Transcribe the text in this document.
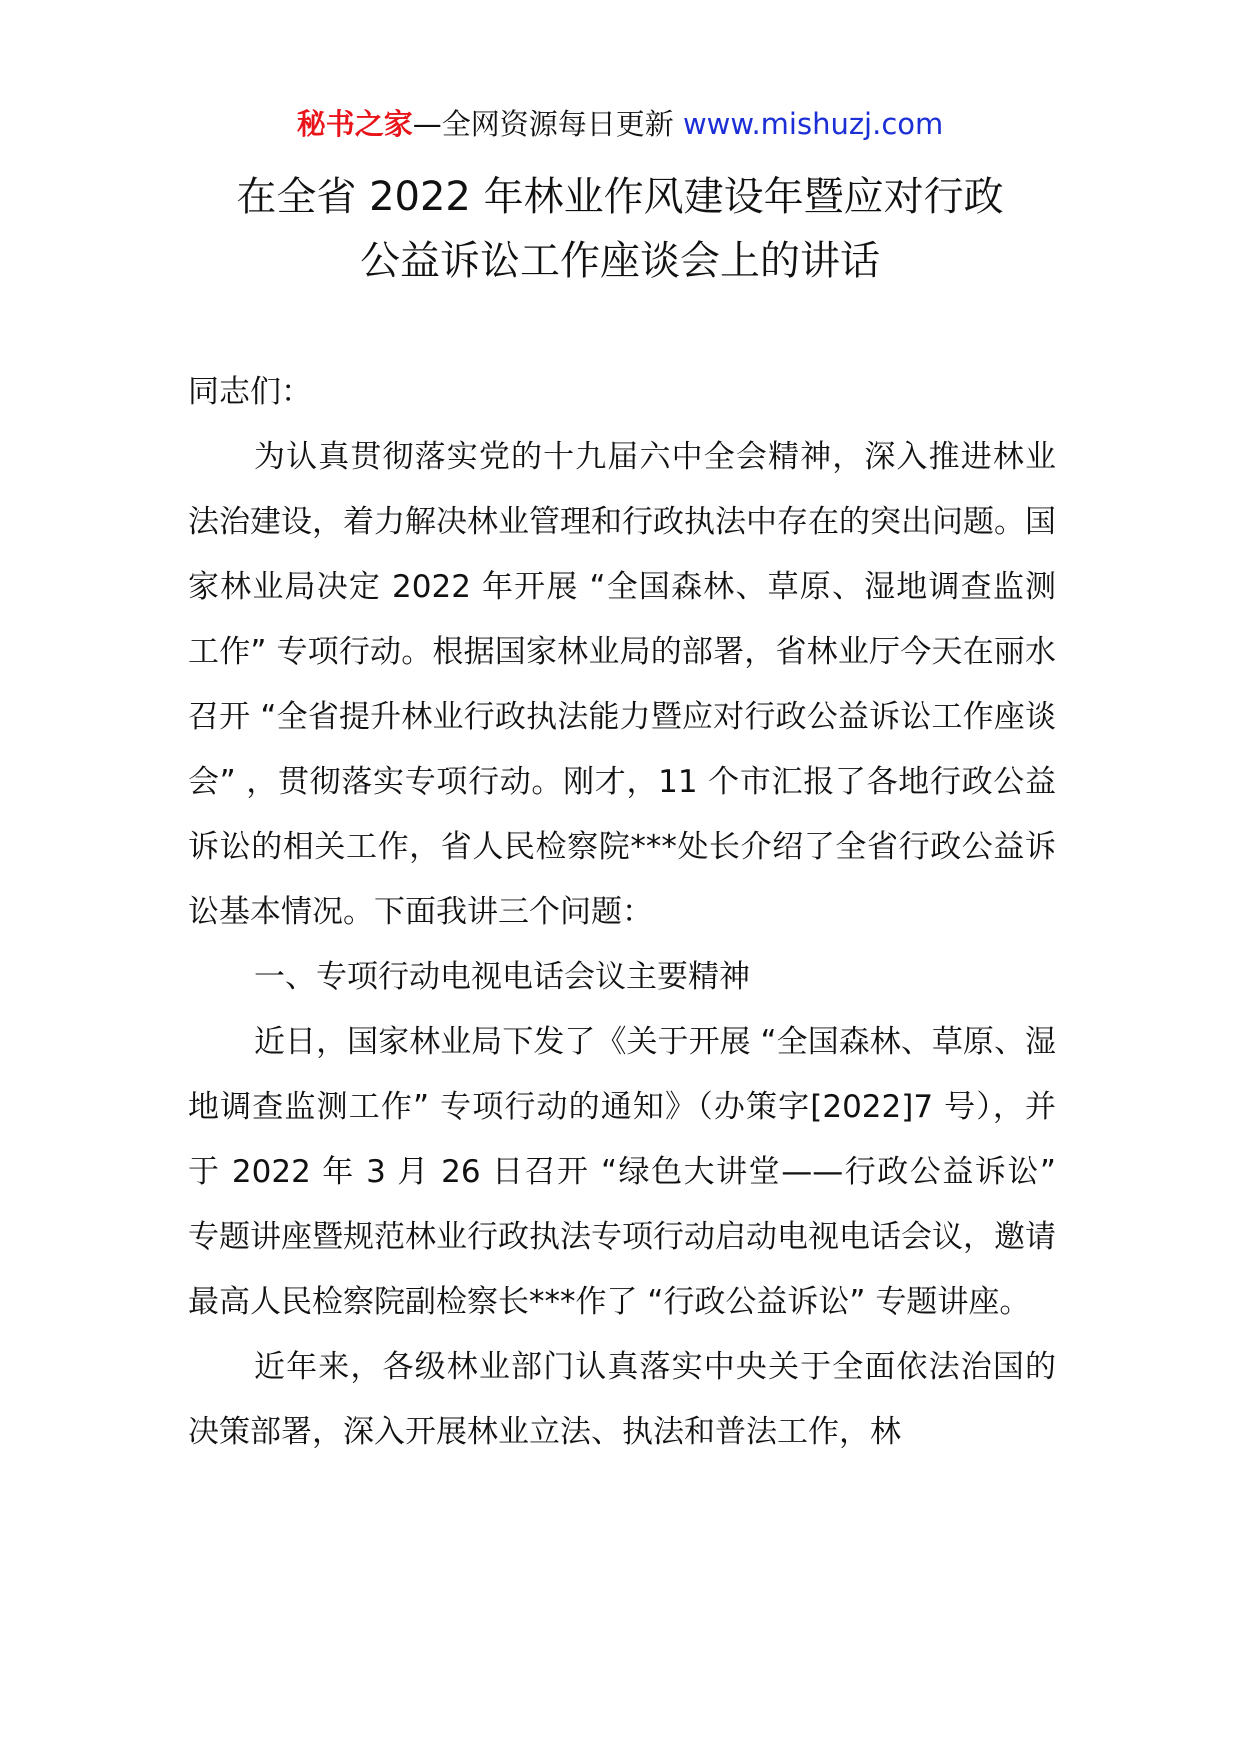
秘书之家—全网资源每日更新 www.mishuzj.com
在全省 2022 年林业作风建设年暨应对行政
公益诉讼工作座谈会上的讲话

同志们：

为认真贯彻落实党的十九届六中全会精神，深入推进林业法治建设，着力解决林业管理和行政执法中存在的突出问题。国家林业局决定 2022 年开展 “全国森林、草原、湿地调查监测工作” 专项行动。根据国家林业局的部署，省林业厅今天在丽水召开 “全省提升林业行政执法能力暨应对行政公益诉讼工作座谈会” ，贯彻落实专项行动。刚才，11 个市汇报了各地行政公益诉讼的相关工作，省人民检察院***处长介绍了全省行政公益诉讼基本情况。下面我讲三个问题：

一、专项行动电视电话会议主要精神

近日，国家林业局下发了《关于开展 “全国森林、草原、湿地调查监测工作” 专项行动的通知》（办策字[2022]7 号），并于 2022 年 3 月 26 日召开 “绿色大讲堂——行政公益诉讼” 专题讲座暨规范林业行政执法专项行动启动电视电话会议，邀请最高人民检察院副检察长***作了 “行政公益诉讼” 专题讲座。

近年来，各级林业部门认真落实中央关于全面依法治国的决策部署，深入开展林业立法、执法和普法工作，林
